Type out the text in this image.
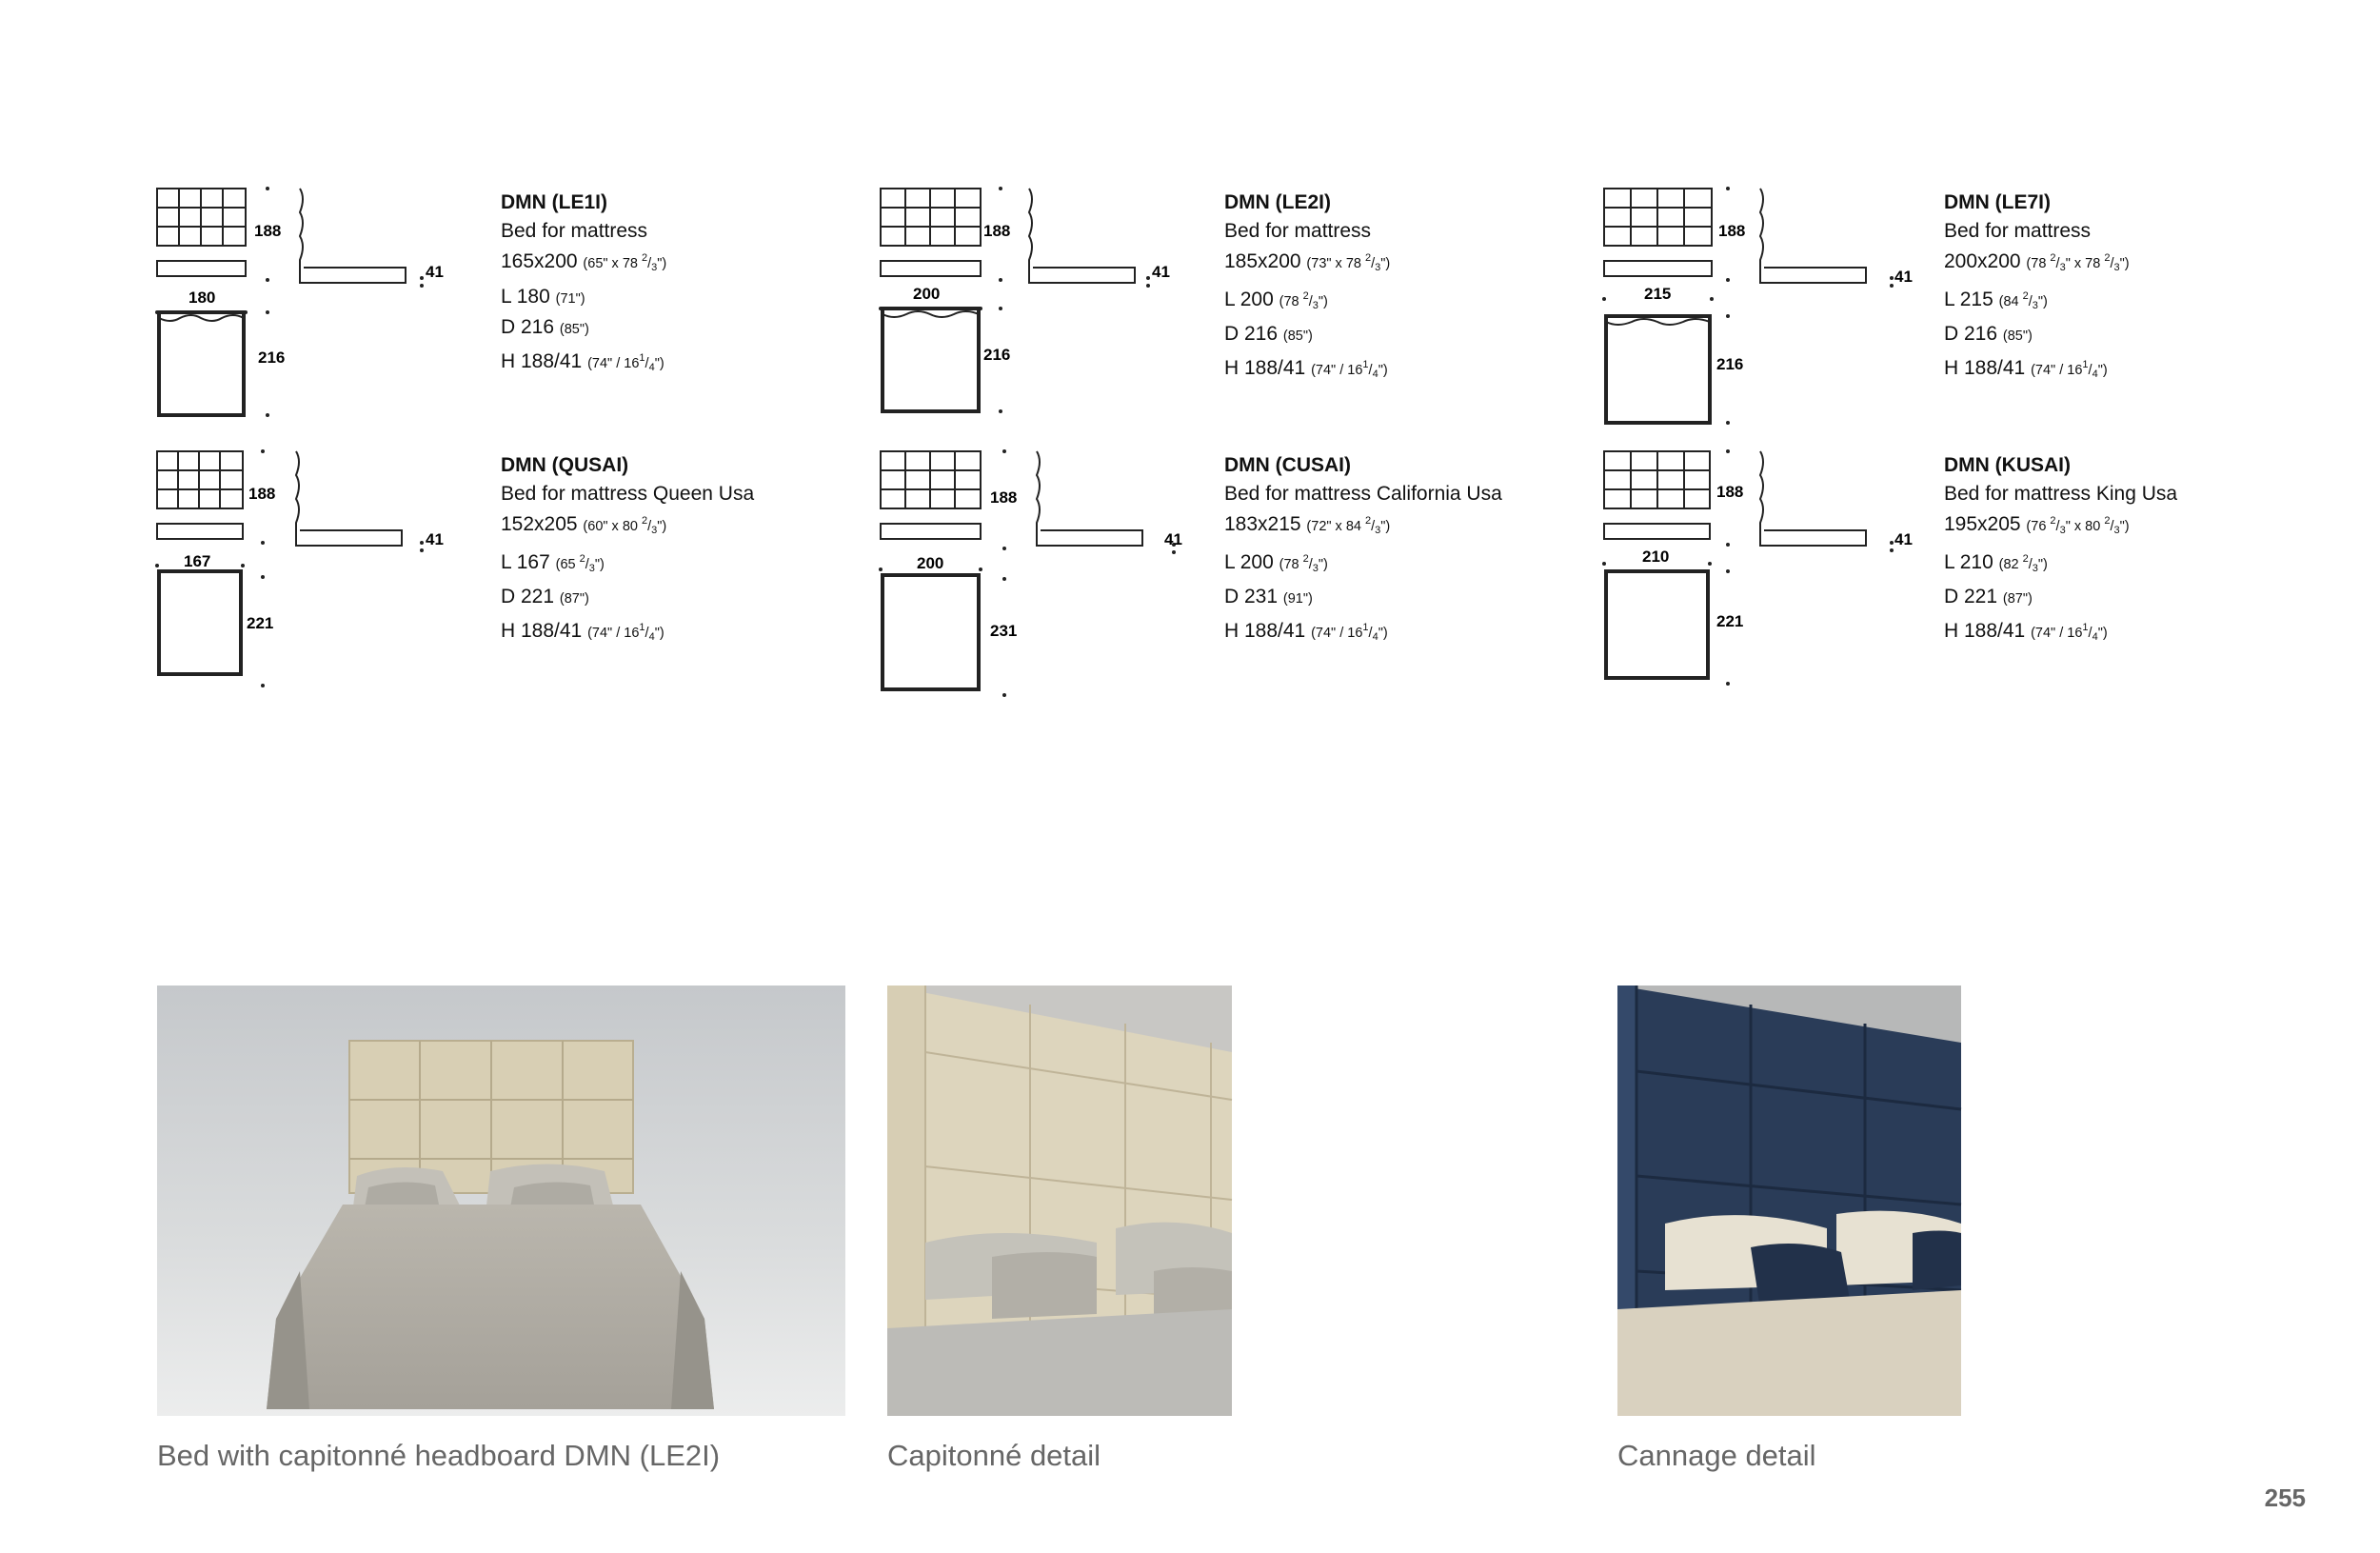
188
180
216
41
DMN (LE1I)
Bed for mattress
165x200 (65" x 78 $^2/_3$")
L 180 (71")
D 216 (85")
H 188/41 (74" / $16^1/_4$")
188
200
216
41
DMN (LE2I)
Bed for mattress
185x200 (73" x 78 $^2/_3$")
L 200 (78 $^2/_3$")
D 216 (85")
H 188/41 (74" / $16^1/_4$")
188
215
216
41
DMN (LE7I)
Bed for mattress
200x200 (78 $^2/_3$" x 78 $^2/_3$")
L 215 (84 $^2/_3$")
D 216 (85")
H 188/41 (74" / $16^1/_4$")
188
167
221
41
DMN (QUSAI)
Bed for mattress Queen Usa
152x205 (60" x 80 $^2/_3$")
L 167 (65 $^2/_3$")
D 221 (87")
H 188/41 (74" / $16^1/_4$")
188
200
231
41
DMN (CUSAI)
Bed for mattress California Usa
183x215 (72" x 84 $^2/_3$")
L 200 (78 $^2/_3$")
D 231 (91")
H 188/41 (74" / $16^1/_4$")
188
210
221
41
DMN (KUSAI)
Bed for mattress King Usa
195x205 (76 $^2/_3$" x 80 $^2/_3$")
L 210 (82 $^2/_3$")
D 221 (87")
H 188/41 (74" / $16^1/_4$")
Bed with capitonné headboard DMN (LE2I)	Capitonné detail	Cannage detail
255
